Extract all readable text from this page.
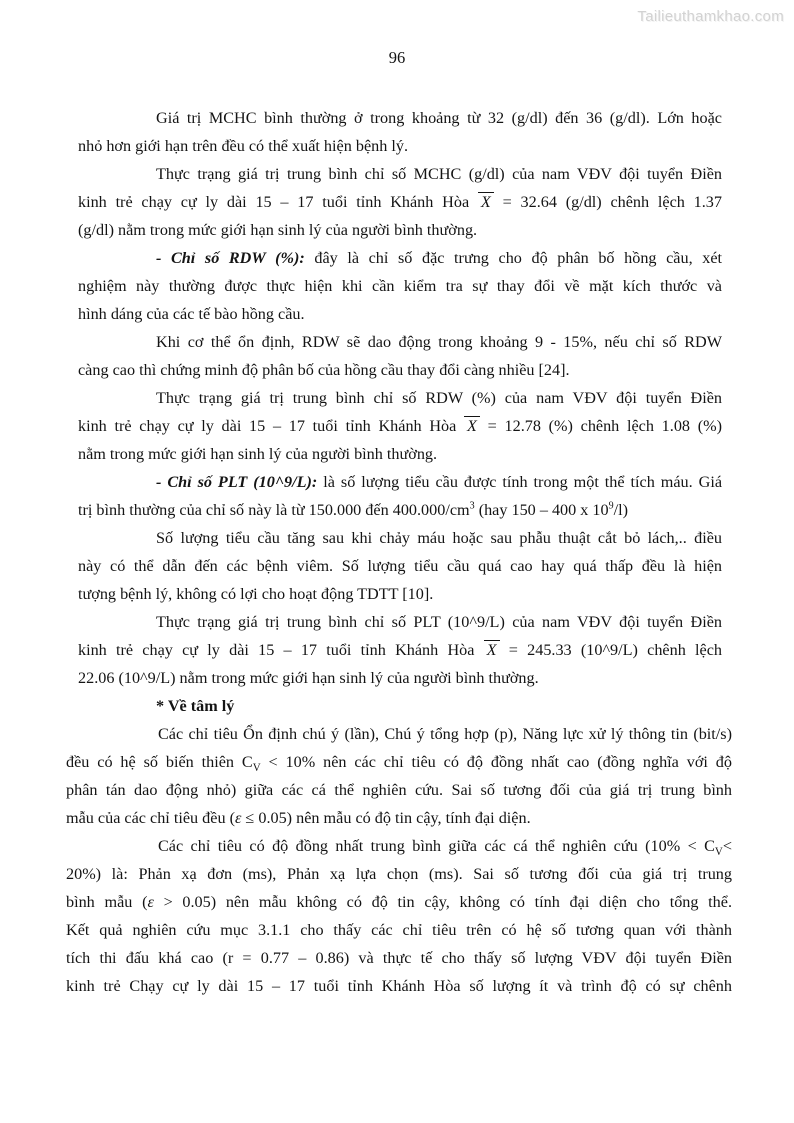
Tailieuthamkhao.com
96
Giá trị MCHC bình thường ở trong khoảng từ 32 (g/dl) đến 36 (g/dl). Lớn hoặc
nhỏ hơn giới hạn trên đều có thể xuất hiện bệnh lý.
Thực trạng giá trị trung bình chỉ số MCHC (g/dl) của nam VĐV đội tuyển Điền
kinh trẻ chạy cự ly dài 15 – 17 tuổi tỉnh Khánh Hòa X = 32.64 (g/dl) chênh lệch 1.37
(g/dl) nằm trong mức giới hạn sinh lý của người bình thường.
- Chỉ số RDW (%): đây là chỉ số đặc trưng cho độ phân bố hồng cầu, xét
nghiệm này thường được thực hiện khi cần kiểm tra sự thay đổi về mặt kích thước và
hình dáng của các tế bào hồng cầu.
Khi cơ thể ổn định, RDW sẽ dao động trong khoảng 9 - 15%, nếu chỉ số RDW
càng cao thì chứng minh độ phân bố của hồng cầu thay đổi càng nhiều [24].
Thực trạng giá trị trung bình chỉ số RDW (%) của nam VĐV đội tuyển Điền
kinh trẻ chạy cự ly dài 15 – 17 tuổi tỉnh Khánh Hòa X = 12.78 (%) chênh lệch 1.08 (%)
nằm trong mức giới hạn sinh lý của người bình thường.
- Chỉ số PLT (10^9/L): là số lượng tiểu cầu được tính trong một thể tích máu. Giá
trị bình thường của chỉ số này là từ 150.000 đến $400.000/cm^3$ (hay 150 – 400 x $10^9/l$)
Số lượng tiểu cầu tăng sau khi chảy máu hoặc sau phẫu thuật cắt bỏ lách,.. điều
này có thể dẫn đến các bệnh viêm. Số lượng tiểu cầu quá cao hay quá thấp đều là hiện
tượng bệnh lý, không có lợi cho hoạt động TDTT [10].
Thực trạng giá trị trung bình chỉ số PLT (10^9/L) của nam VĐV đội tuyển Điền
kinh trẻ chạy cự ly dài 15 – 17 tuổi tỉnh Khánh Hòa X = 245.33 (10^9/L) chênh lệch
22.06 (10^9/L) nằm trong mức giới hạn sinh lý của người bình thường.
* Về tâm lý
Các chỉ tiêu Ổn định chú ý (lần), Chú ý tổng hợp (p), Năng lực xử lý thông tin (bit/s)
đều có hệ số biến thiên $C_V < 10\%$ nên các chỉ tiêu có độ đồng nhất cao (đồng nghĩa với độ
phân tán dao động nhỏ) giữa các cá thể nghiên cứu. Sai số tương đối của giá trị trung bình
mẫu của các chỉ tiêu đều (ε ≤ 0.05) nên mẫu có độ tin cậy, tính đại diện.
Các chỉ tiêu có độ đồng nhất trung bình giữa các cá thể nghiên cứu ($10\% < C_V<$
20%) là: Phản xạ đơn (ms), Phản xạ lựa chọn (ms). Sai số tương đối của giá trị trung
bình mẫu (ε > 0.05) nên mẫu không có độ tin cậy, không có tính đại diện cho tổng thể.
Kết quả nghiên cứu mục 3.1.1 cho thấy các chỉ tiêu trên có hệ số tương quan với thành
tích thi đấu khá cao (r = 0.77 – 0.86) và thực tế cho thấy số lượng VĐV đội tuyển Điền
kinh trẻ Chạy cự ly dài 15 – 17 tuổi tỉnh Khánh Hòa số lượng ít và trình độ có sự chênh
